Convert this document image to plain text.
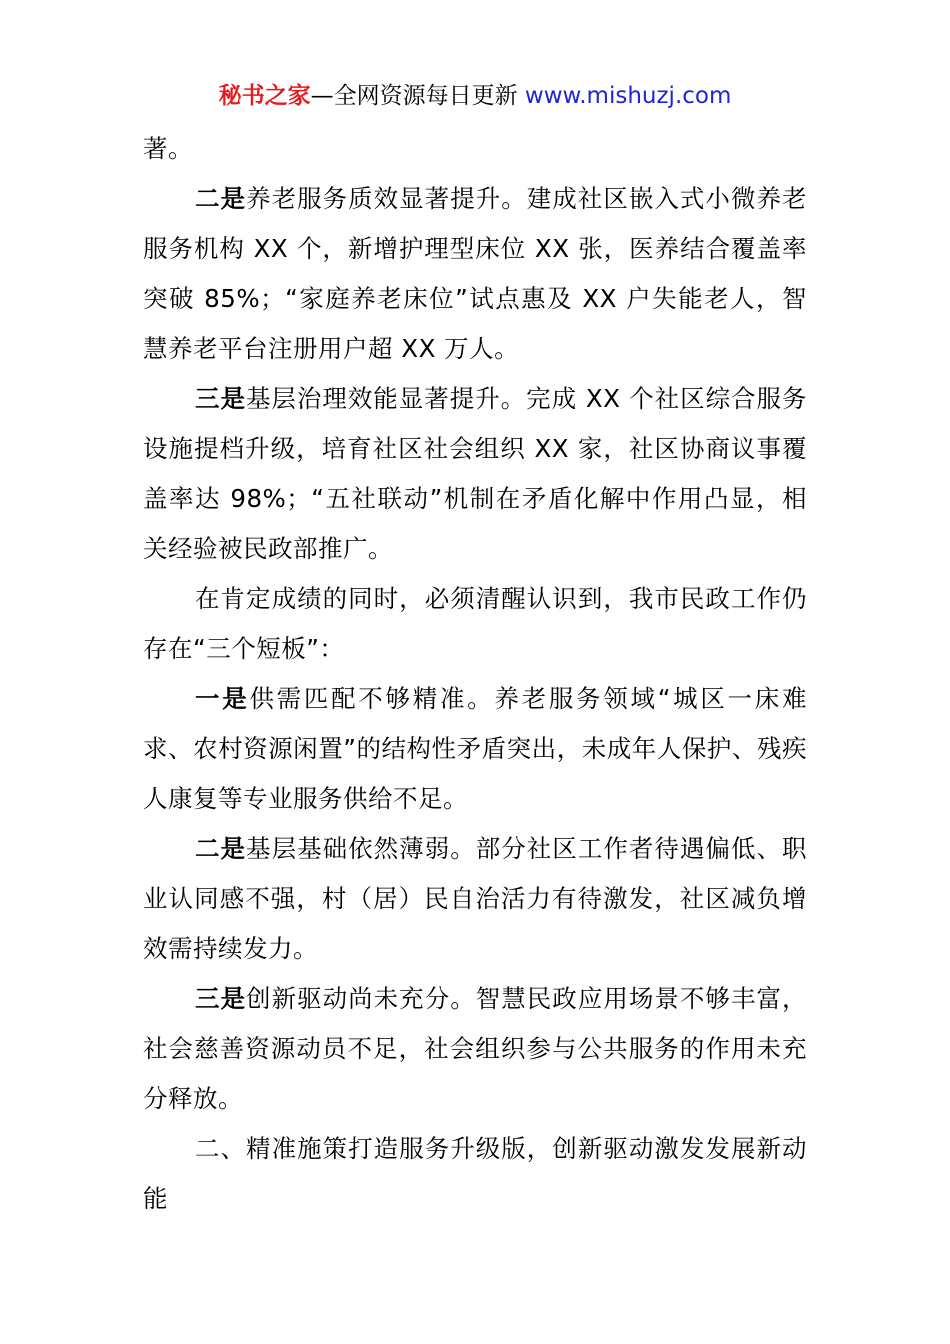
秘书之家—全网资源每日更新 www.mishuzj.com

著。

二是养老服务质效显著提升。建成社区嵌入式小微养老服务机构 XX 个，新增护理型床位 XX 张，医养结合覆盖率突破 85%；“家庭养老床位”试点惠及 XX 户失能老人，智慧养老平台注册用户超 XX 万人。

三是基层治理效能显著提升。完成 XX 个社区综合服务设施提档升级，培育社区社会组织 XX 家，社区协商议事覆盖率达 98%；“五社联动”机制在矛盾化解中作用凸显，相关经验被民政部推广。

在肯定成绩的同时，必须清醒认识到，我市民政工作仍存在“三个短板”：

一是供需匹配不够精准。养老服务领域“城区一床难求、农村资源闲置”的结构性矛盾突出，未成年人保护、残疾人康复等专业服务供给不足。

二是基层基础依然薄弱。部分社区工作者待遇偏低、职业认同感不强，村（居）民自治活力有待激发，社区减负增效需持续发力。

三是创新驱动尚未充分。智慧民政应用场景不够丰富，社会慈善资源动员不足，社会组织参与公共服务的作用未充分释放。

二、精准施策打造服务升级版，创新驱动激发发展新动能
